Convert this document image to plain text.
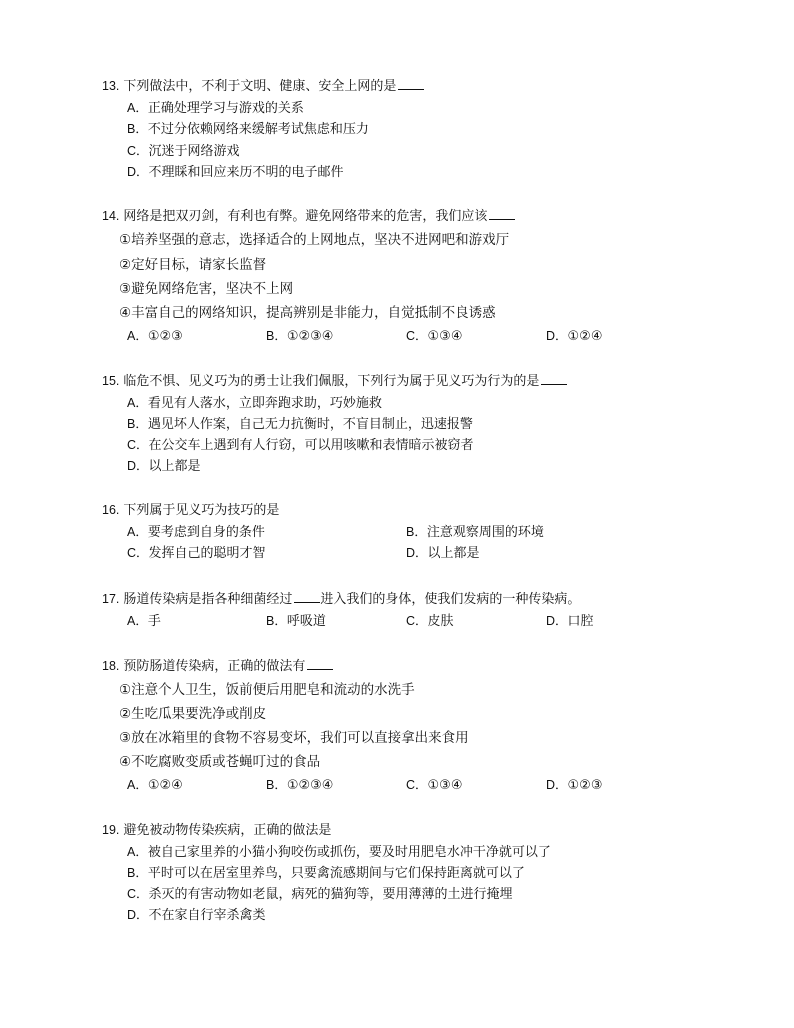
13. 下列做法中，不利于文明、健康、安全上网的是
A．正确处理学习与游戏的关系
B．不过分依赖网络来缓解考试焦虑和压力
C．沉迷于网络游戏
D．不理睬和回应来历不明的电子邮件
14. 网络是把双刃剑，有利也有弊。避免网络带来的危害，我们应该
①培养坚强的意志，选择适合的上网地点，坚决不进网吧和游戏厅
②定好目标，请家长监督
③避免网络危害，坚决不上网
④丰富自己的网络知识，提高辨别是非能力，自觉抵制不良诱惑
A．①②③	B．①②③④	C．①③④	D．①②④
15. 临危不惧、见义巧为的勇士让我们佩服，下列行为属于见义巧为行为的是
A．看见有人落水，立即奔跑求助，巧妙施救
B．遇见坏人作案，自己无力抗衡时，不盲目制止，迅速报警
C．在公交车上遇到有人行窃，可以用咳嗽和表情暗示被窃者
D．以上都是
16. 下列属于见义巧为技巧的是
A．要考虑到自身的条件	B．注意观察周围的环境
C．发挥自己的聪明才智	D．以上都是
17. 肠道传染病是指各种细菌经过 进入我们的身体，使我们发病的一种传染病。
A．手	B．呼吸道	C．皮肤	D．口腔
18. 预防肠道传染病，正确的做法有
①注意个人卫生，饭前便后用肥皂和流动的水洗手
②生吃瓜果要洗净或削皮
③放在冰箱里的食物不容易变坏，我们可以直接拿出来食用
④不吃腐败变质或苍蝇叮过的食品
A．①②④	B．①②③④	C．①③④	D．①②③
19. 避免被动物传染疾病，正确的做法是
A．被自己家里养的小猫小狗咬伤或抓伤，要及时用肥皂水冲干净就可以了
B．平时可以在居室里养鸟，只要禽流感期间与它们保持距离就可以了
C．杀灭的有害动物如老鼠，病死的猫狗等，要用薄薄的土进行掩埋
D．不在家自行宰杀禽类
